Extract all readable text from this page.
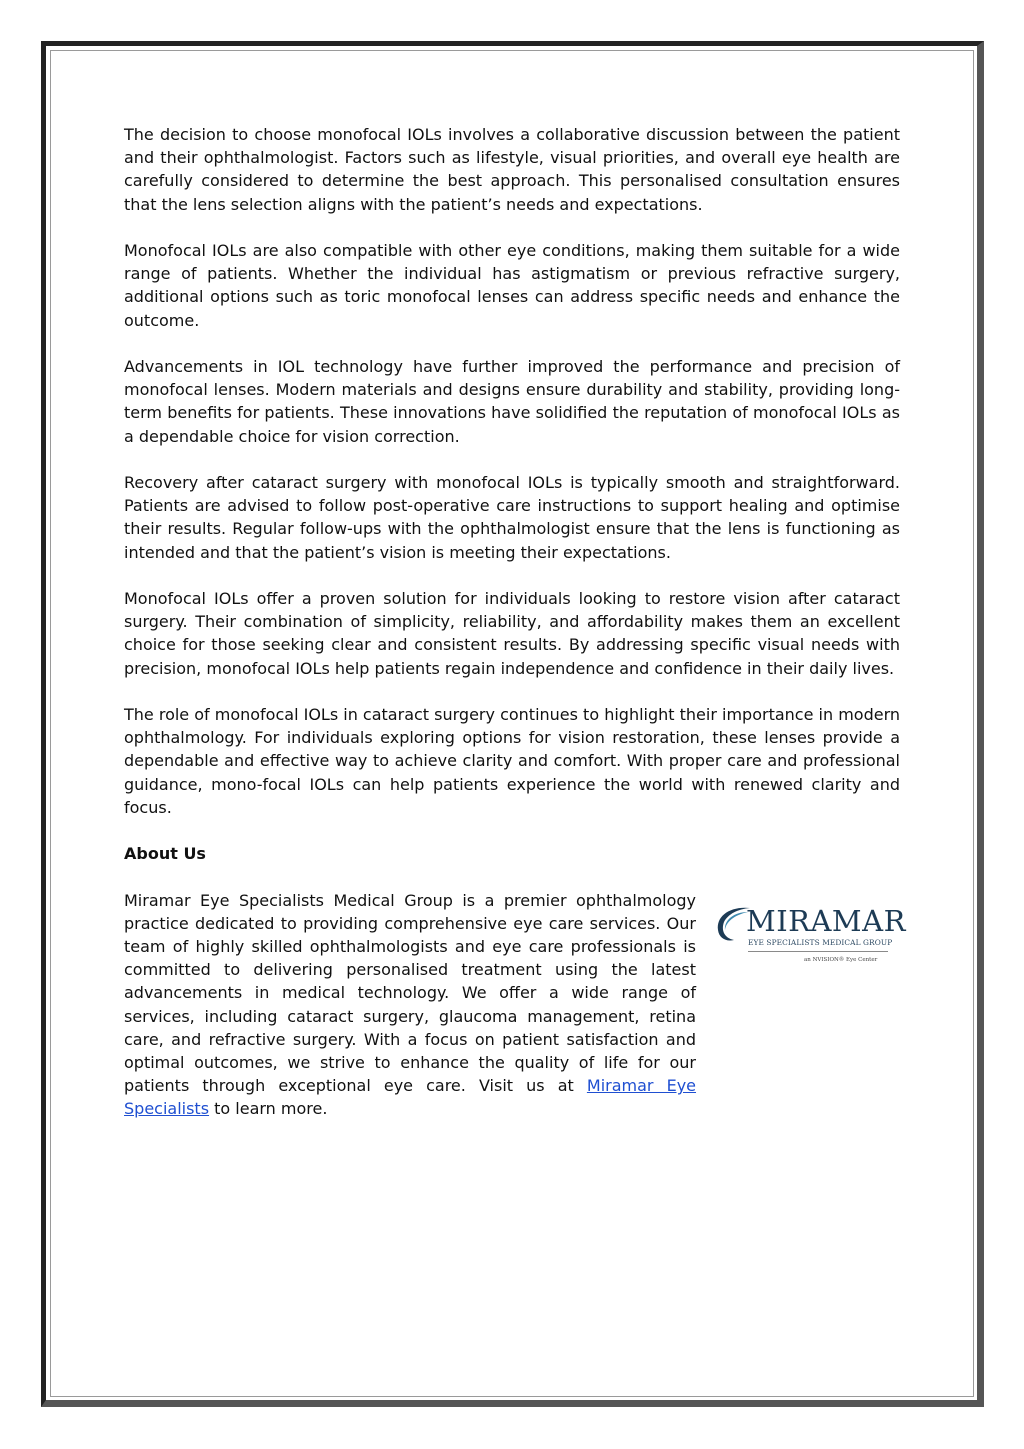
The decision to choose monofocal IOLs involves a collaborative discussion between the patient and their ophthalmologist. Factors such as lifestyle, visual priorities, and overall eye health are carefully considered to determine the best approach. This personalised consultation ensures that the lens selection aligns with the patient’s needs and expectations.

Monofocal IOLs are also compatible with other eye conditions, making them suitable for a wide range of patients. Whether the individual has astigmatism or previous refractive surgery, additional options such as toric monofocal lenses can address specific needs and enhance the outcome.

Advancements in IOL technology have further improved the performance and precision of monofocal lenses. Modern materials and designs ensure durability and stability, providing long-term benefits for patients. These innovations have solidified the reputation of monofocal IOLs as a dependable choice for vision correction.

Recovery after cataract surgery with monofocal IOLs is typically smooth and straightforward. Patients are advised to follow post-operative care instructions to support healing and optimise their results. Regular follow-ups with the ophthalmologist ensure that the lens is functioning as intended and that the patient’s vision is meeting their expectations.

Monofocal IOLs offer a proven solution for individuals looking to restore vision after cataract surgery. Their combination of simplicity, reliability, and affordability makes them an excellent choice for those seeking clear and consistent results. By addressing specific visual needs with precision, monofocal IOLs help patients regain independence and confidence in their daily lives.

The role of monofocal IOLs in cataract surgery continues to highlight their importance in modern ophthalmology. For individuals exploring options for vision restoration, these lenses provide a dependable and effective way to achieve clarity and comfort. With proper care and professional guidance, mono-focal IOLs can help patients experience the world with renewed clarity and focus.

About Us

Miramar Eye Specialists Medical Group is a premier ophthalmology practice dedicated to providing comprehensive eye care services. Our team of highly skilled ophthalmologists and eye care professionals is committed to delivering personalised treatment using the latest advancements in medical technology. We offer a wide range of services, including cataract surgery, glaucoma management, retina care, and refractive surgery. With a focus on patient satisfaction and optimal outcomes, we strive to enhance the quality of life for our patients through exceptional eye care. Visit us at Miramar Eye Specialists to learn more.

MIRAMAR
EYE SPECIALISTS MEDICAL GROUP
an NVISION® Eye Center
